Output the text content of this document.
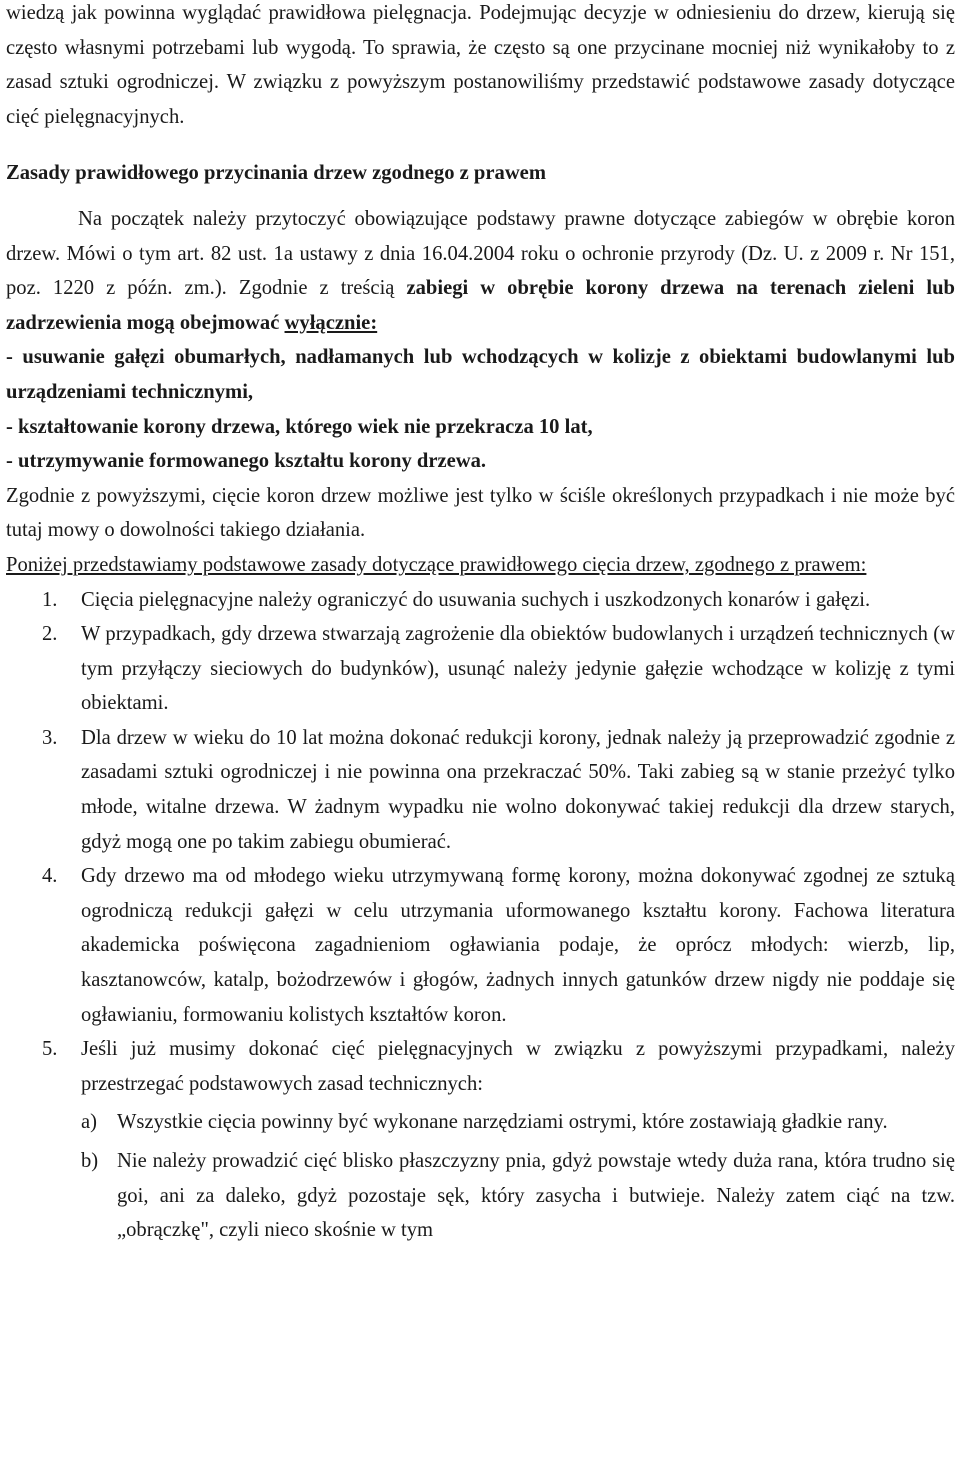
wiedzą jak powinna wyglądać prawidłowa pielęgnacja. Podejmując decyzje w odniesieniu do drzew, kierują się często własnymi potrzebami lub wygodą. To sprawia, że często są one przycinane mocniej niż wynikałoby to z zasad sztuki ogrodniczej. W związku z powyższym postanowiliśmy przedstawić podstawowe zasady dotyczące cięć pielęgnacyjnych.

Zasady prawidłowego przycinania drzew zgodnego z prawem

Na początek należy przytoczyć obowiązujące podstawy prawne dotyczące zabiegów w obrębie koron drzew. Mówi o tym art. 82 ust. 1a ustawy z dnia 16.04.2004 roku o ochronie przyrody (Dz. U. z 2009 r. Nr 151, poz. 1220 z późn. zm.). Zgodnie z treścią zabiegi w obrębie korony drzewa na terenach zieleni lub zadrzewienia mogą obejmować wyłącznie:

- usuwanie gałęzi obumarłych, nadłamanych lub wchodzących w kolizje z obiektami budowlanymi lub urządzeniami technicznymi,

- kształtowanie korony drzewa, którego wiek nie przekracza 10 lat,

- utrzymywanie formowanego kształtu korony drzewa.

Zgodnie z powyższymi, cięcie koron drzew możliwe jest tylko w ściśle określonych przypadkach i nie może być tutaj mowy o dowolności takiego działania.

Poniżej przedstawiamy podstawowe zasady dotyczące prawidłowego cięcia drzew, zgodnego z prawem:

1. Cięcia pielęgnacyjne należy ograniczyć do usuwania suchych i uszkodzonych konarów i gałęzi.

2. W przypadkach, gdy drzewa stwarzają zagrożenie dla obiektów budowlanych i urządzeń technicznych (w tym przyłączy sieciowych do budynków), usunąć należy jedynie gałęzie wchodzące w kolizję z tymi obiektami.

3. Dla drzew w wieku do 10 lat można dokonać redukcji korony, jednak należy ją przeprowadzić zgodnie z zasadami sztuki ogrodniczej i nie powinna ona przekraczać 50%. Taki zabieg są w stanie przeżyć tylko młode, witalne drzewa. W żadnym wypadku nie wolno dokonywać takiej redukcji dla drzew starych, gdyż mogą one po takim zabiegu obumierać.

4. Gdy drzewo ma od młodego wieku utrzymywaną formę korony, można dokonywać zgodnej ze sztuką ogrodniczą redukcji gałęzi w celu utrzymania uformowanego kształtu korony. Fachowa literatura akademicka poświęcona zagadnieniom ogławiania podaje, że oprócz młodych: wierzb, lip, kasztanowców, katalp, bożodrzewów i głogów, żadnych innych gatunków drzew nigdy nie poddaje się ogławianiu, formowaniu kolistych kształtów koron.

5. Jeśli już musimy dokonać cięć pielęgnacyjnych w związku z powyższymi przypadkami, należy przestrzegać podstawowych zasad technicznych:

a) Wszystkie cięcia powinny być wykonane narzędziami ostrymi, które zostawiają gładkie rany.

b) Nie należy prowadzić cięć blisko płaszczyzny pnia, gdyż powstaje wtedy duża rana, która trudno się goi, ani za daleko, gdyż pozostaje sęk, który zasycha i butwieje. Należy zatem ciąć na tzw. „obrączkę", czyli nieco skośnie w tym
